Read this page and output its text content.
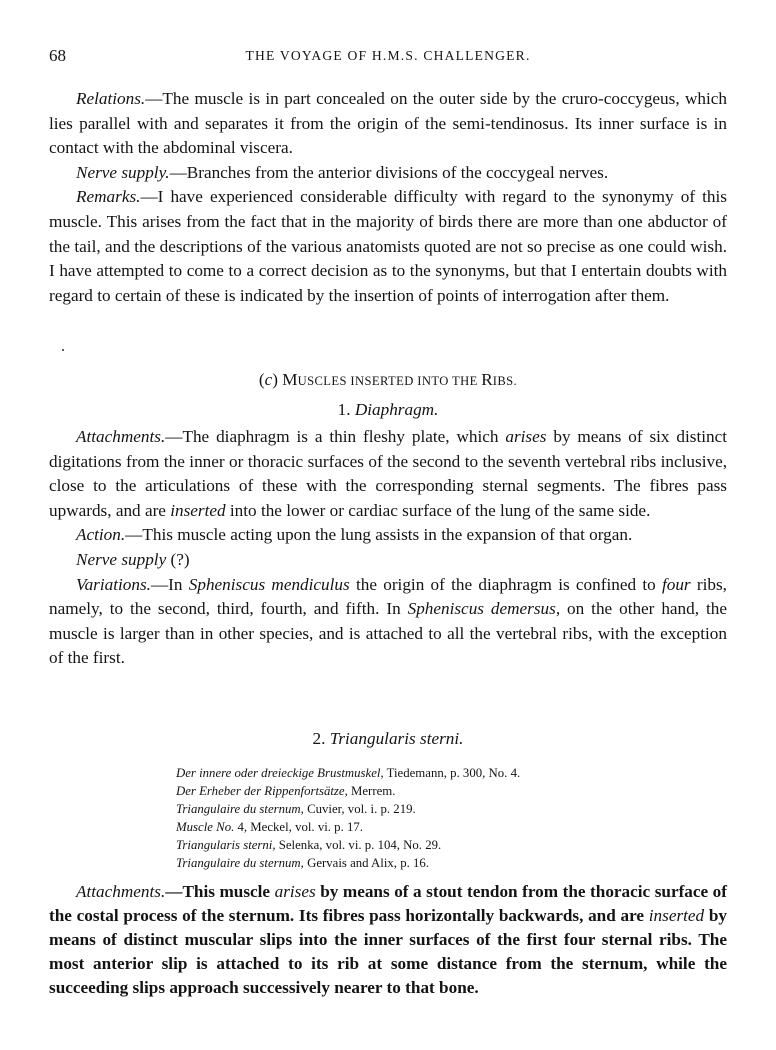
68	THE VOYAGE OF H.M.S. CHALLENGER.

Relations.—The muscle is in part concealed on the outer side by the cruro-coccygeus, which lies parallel with and separates it from the origin of the semi-tendinosus. Its inner surface is in contact with the abdominal viscera.

Nerve supply.—Branches from the anterior divisions of the coccygeal nerves.

Remarks.—I have experienced considerable difficulty with regard to the synonymy of this muscle. This arises from the fact that in the majority of birds there are more than one abductor of the tail, and the descriptions of the various anatomists quoted are not so precise as one could wish. I have attempted to come to a correct decision as to the synonyms, but that I entertain doubts with regard to certain of these is indicated by the insertion of points of interrogation after them.

(c) MUSCLES INSERTED INTO THE RIBS.
1. Diaphragm.

Attachments.—The diaphragm is a thin fleshy plate, which arises by means of six distinct digitations from the inner or thoracic surfaces of the second to the seventh vertebral ribs inclusive, close to the articulations of these with the corresponding sternal segments. The fibres pass upwards, and are inserted into the lower or cardiac surface of the lung of the same side.

Action.—This muscle acting upon the lung assists in the expansion of that organ.

Nerve supply (?)

Variations.—In Spheniscus mendiculus the origin of the diaphragm is confined to four ribs, namely, to the second, third, fourth, and fifth. In Spheniscus demersus, on the other hand, the muscle is larger than in other species, and is attached to all the vertebral ribs, with the exception of the first.

2. Triangularis sterni.
Der innere oder dreieckige Brustmuskel, Tiedemann, p. 300, No. 4.
Der Erheber der Rippenfortsätze, Merrem.
Triangulaire du sternum, Cuvier, vol. i. p. 219.
Muscle No. 4, Meckel, vol. vi. p. 17.
Triangularis sterni, Selenka, vol. vi. p. 104, No. 29.
Triangulaire du sternum, Gervais and Alix, p. 16.

Attachments.—This muscle arises by means of a stout tendon from the thoracic surface of the costal process of the sternum. Its fibres pass horizontally backwards, and are inserted by means of distinct muscular slips into the inner surfaces of the first four sternal ribs. The most anterior slip is attached to its rib at some distance from the sternum, while the succeeding slips approach successively nearer to that bone.
